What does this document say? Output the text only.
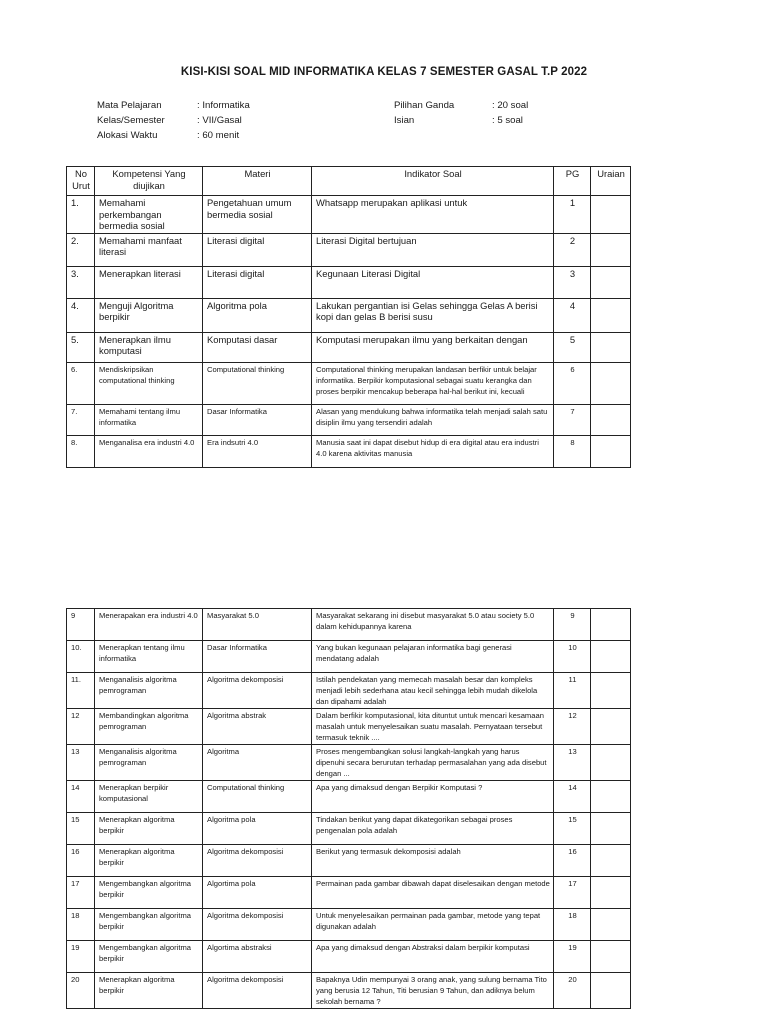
KISI-KISI SOAL MID INFORMATIKA KELAS 7 SEMESTER GASAL T.P 2022
Mata Pelajaran	: Informatika
Kelas/Semester	: VII/Gasal
Alokasi Waktu	: 60 menit
Pilihan Ganda	: 20 soal
Isian	: 5 soal
No Urut	Kompetensi Yang diujikan	Materi	Indikator Soal	PG	Uraian
1.	Memahami perkembangan bermedia sosial	Pengetahuan umum bermedia sosial	Whatsapp merupakan aplikasi untuk	1	
2.	Memahami manfaat literasi	Literasi digital	Literasi Digital bertujuan	2	
3.	Menerapkan literasi	Literasi digital	Kegunaan Literasi Digital	3	
4.	Menguji Algoritma berpikir	Algoritma pola	Lakukan pergantian isi Gelas sehingga Gelas A berisi kopi dan gelas B berisi susu	4	
5.	Menerapkan ilmu komputasi	Komputasi dasar	Komputasi merupakan ilmu yang berkaitan dengan	5	
6.	Mendiskripsikan computational thinking	Computational thinking	Computational thinking merupakan landasan berfikir untuk belajar informatika. Berpikir komputasional sebagai suatu kerangka dan proses berpikir mencakup beberapa hal-hal berikut ini, kecuali	6	
7.	Memahami tentang ilmu informatika	Dasar Informatika	Alasan yang mendukung bahwa informatika telah menjadi salah satu disiplin ilmu yang tersendiri adalah	7	
8.	Menganalisa era industri 4.0	Era indsutri 4.0	Manusia saat ini dapat disebut hidup di era digital atau era industri 4.0 karena aktivitas manusia	8	
9	Menerapakan era industri 4.0	Masyarakat 5.0	Masyarakat sekarang ini disebut masyarakat 5.0 atau society 5.0 dalam kehidupannya karena	9	
10.	Menerapkan tentang ilmu informatika	Dasar Informatika	Yang bukan kegunaan pelajaran informatika bagi generasi mendatang adalah	10	
11.	Menganalisis algoritma pemrograman	Algoritma dekomposisi	Istilah pendekatan yang memecah masalah besar dan kompleks menjadi lebih sederhana atau kecil sehingga lebih mudah dikelola dan dipahami adalah	11	
12	Membandingkan algoritma pemrograman	Algoritma abstrak	Dalam berfikir komputasional, kita dituntut untuk mencari kesamaan masalah untuk menyelesaikan suatu masalah. Pernyataan tersebut termasuk teknik ....	12	
13	Menganalisis algoritma pemrograman	Algoritma	Proses mengembangkan solusi langkah-langkah yang harus dipenuhi secara berurutan terhadap permasalahan yang ada disebut dengan ...	13	
14	Menerapkan berpikir komputasional	Computational thinking	Apa yang dimaksud dengan Berpikir Komputasi ?	14	
15	Menerapkan algoritma berpikir	Algoritma pola	Tindakan berikut yang dapat dikategorikan sebagai proses pengenalan pola adalah	15	
16	Menerapkan algoritma berpikir	Algoritma dekomposisi	Berikut yang termasuk dekomposisi adalah	16	
17	Mengembangkan algoritma berpikir	Algortima pola	Permainan pada gambar dibawah dapat diselesaikan dengan metode	17	
18	Mengembangkan algoritma berpikir	Algoritma dekomposisi	Untuk menyelesaikan permainan pada gambar, metode yang tepat digunakan adalah	18	
19	Mengembangkan algoritma berpikir	Algortima abstraksi	Apa yang dimaksud dengan Abstraksi dalam berpikir komputasi	19	
20	Menerapkan algoritma berpikir	Algoritma dekomposisi	Bapaknya Udin mempunyai 3 orang anak, yang sulung bernama Tito yang berusia 12 Tahun, Titi berusian 9 Tahun, dan adiknya belum sekolah bernama ?	20	
